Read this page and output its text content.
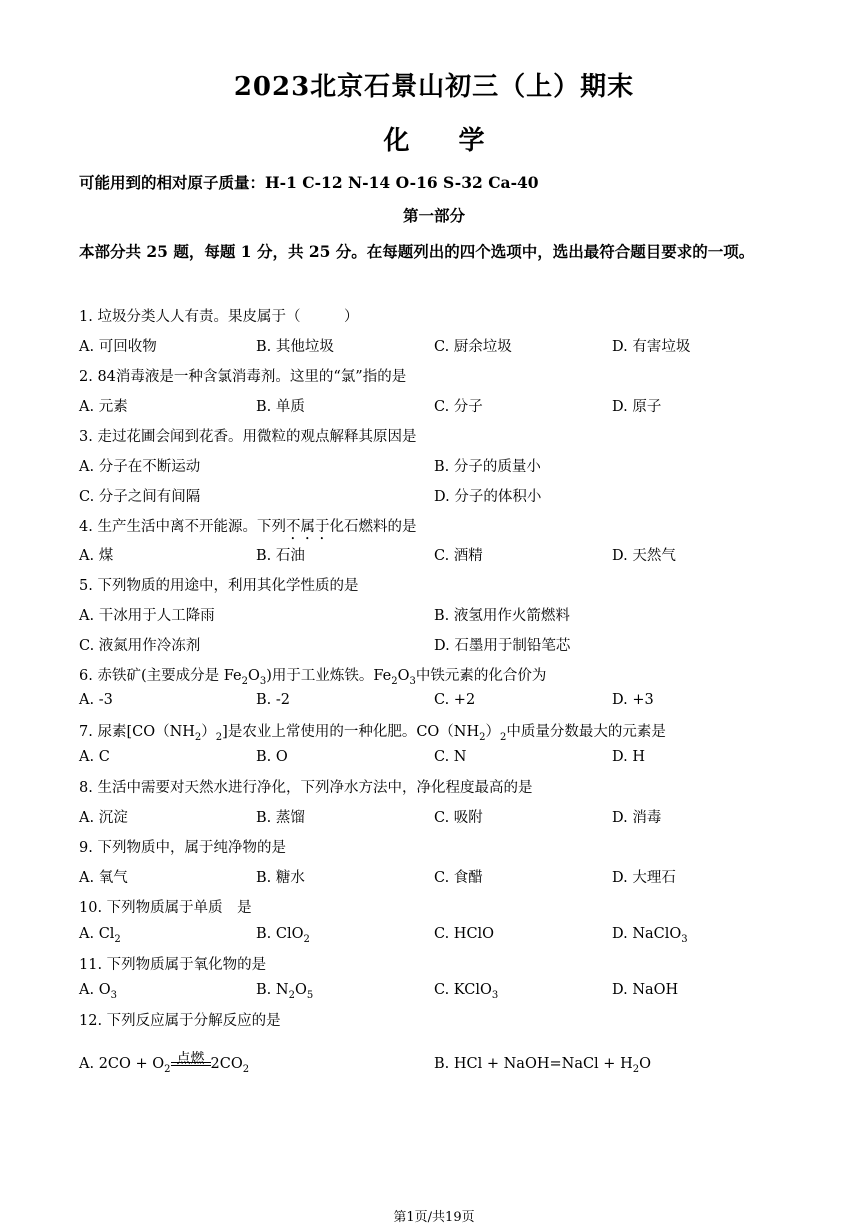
2023北京石景山初三（上）期末
化 学
可能用到的相对原子质量：H-1 C-12 N-14 O-16 S-32 Ca-40
第一部分
本部分共 25 题，每题 1 分，共 25 分。在每题列出的四个选项中，选出最符合题目要求的一项。
1. 垃圾分类人人有责。果皮属于（　　　）
A. 可回收物	B. 其他垃圾	C. 厨余垃圾	D. 有害垃圾
2. 84消毒液是一种含氯消毒剂。这里的“氯”指的是
A. 元素	B. 单质	C. 分子	D. 原子
3. 走过花圃会闻到花香。用微粒的观点解释其原因是
A. 分子在不断运动	B. 分子的质量小
C. 分子之间有间隔	D. 分子的体积小
4. 生产生活中离不开能源。下列不属于化石燃料的是
A. 煤	B. 石油	C. 酒精	D. 天然气
5. 下列物质的用途中，利用其化学性质的是
A. 干冰用于人工降雨	B. 液氢用作火箭燃料
C. 液氮用作冷冻剂	D. 石墨用于制铅笔芯
6. 赤铁矿(主要成分是 $Fe_2O_3$)用于工业炼铁。$Fe_2O_3$中铁元素的化合价为
A. -3	B. -2	C. +2	D. +3
7. 尿素$[CO(NH_2)_2]$是农业上常使用的一种化肥。$CO(NH_2)_2$中质量分数最大的元素是
A. C	B. O	C. N	D. H
8. 生活中需要对天然水进行净化，下列净水方法中，净化程度最高的是
A. 沉淀	B. 蒸馏	C. 吸附	D. 消毒
9. 下列物质中，属于纯净物的是
A. 氧气	B. 糖水	C. 食醋	D. 大理石
10. 下列物质属于单质　是
A. $Cl_2$	B. ClO$_2$	C. HClO	D. NaClO$_3$
11. 下列物质属于氧化物的是
A. $O_3$	B. $N_2O_5$	C. KClO$_3$	D. NaOH
12. 下列反应属于分解反应的是
A. $2CO + O_2$
点燃 $2CO_2$	B. HCl + NaOH=NaCl + $H_2O$
第1页/共19页
